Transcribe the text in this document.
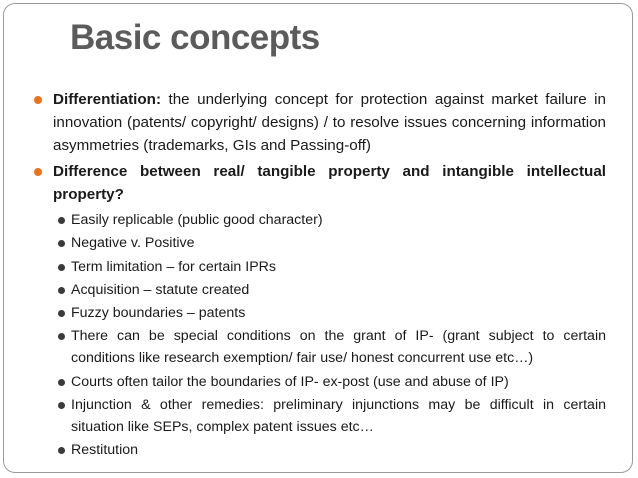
Basic concepts
Differentiation: the underlying concept for protection against market failure in innovation (patents/ copyright/ designs) / to resolve issues concerning information asymmetries (trademarks, GIs and Passing-off)
Difference between real/ tangible property and intangible intellectual property?
Easily replicable (public good character)
Negative v. Positive
Term limitation – for certain IPRs
Acquisition – statute created
Fuzzy boundaries – patents
There can be special conditions on the grant of IP- (grant subject to certain conditions like research exemption/ fair use/ honest concurrent use etc…)
Courts often tailor the boundaries of IP- ex-post (use and abuse of IP)
Injunction & other remedies: preliminary injunctions may be difficult in certain situation like SEPs, complex patent issues etc…
Restitution
